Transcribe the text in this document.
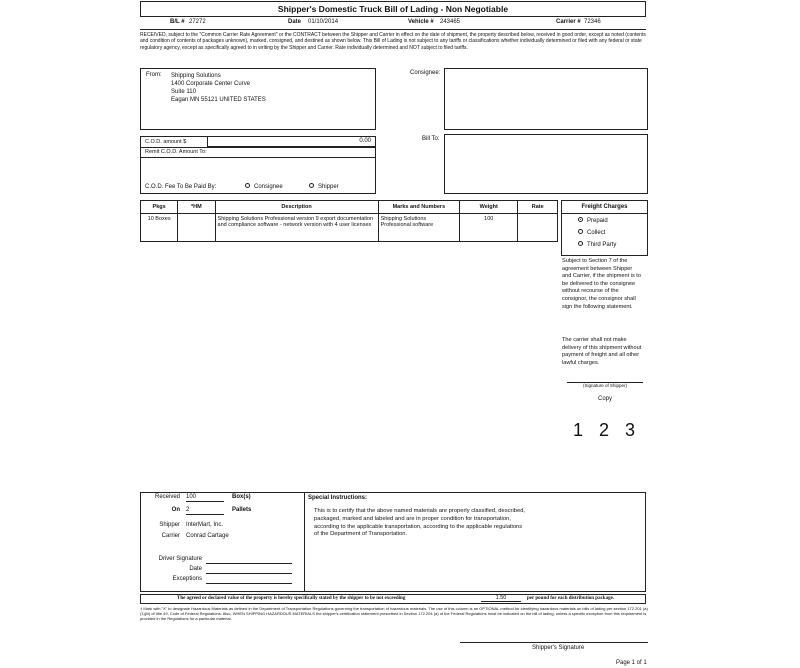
Shipper's Domestic Truck Bill of Lading - Non Negotiable
B/L # 27272	Date 01/10/2014	Vehicle # 243465	Carrier # 72346
RECEIVED, subject to the "Common Carrier Rate Agreement" or the CONTRACT between the Shipper and Carrier in effect on the date of shipment, the property described below, received in good order, except as noted (contents and condition of contents of packages unknown), marked, consigned, and destined as shown below. This Bill of Lading is not subject to any tariffs or classifications whether individually determined or filed with any federal or state regulatory agency, except as specifically agreed to in writing by the Shipper and Carrier. Rate individually determined and NOT subject to filed tariffs.
From: Shipping Solutions
1400 Corporate Center Curve
Suite 110
Eagan MN 55121 UNITED STATES
Consignee:
C.O.D. amount $	0.00
Remit C.O.D. Amount To:
C.O.D. Fee To Be Paid By:	Consignee	Shipper
Bill To:
Pkgs	*HM	Description	Marks and Numbers	Weight	Rate
10 Boxes		Shipping Solutions Professional version 9 export documentation and compliance software - network version with 4 user licenses	Shipping Solutions Professional software	100	
Freight Charges
Prepaid
Collect
Third Party
Subject to Section 7 of the agreement between Shipper and Carrier, if the shipment is to be delivered to the consignee without recourse of the consignor, the consignor shall sign the following statement.
The carrier shall not make delivery of this shipment without payment of freight and all other lawful charges.
(Signature of Shipper)
Copy
1  2  3
Received 100	Box(s)
On 2	Pallets
Shipper InterMart, Inc.
Carrier Conrad Cartage
Driver Signature
Date
Exceptions
Special Instructions:
This is to certify that the above named materials are properly classified, described, packaged, marked and labeled and are in proper condition for transportation, according to the applicable transportation, according to the applicable regulations of the Department of Transportation.
The agreed or declared value of the property is hereby specifically stated by the shipper to be not exceeding	1.50	per pound for each distribution package.
† Mark with "X" to designate Hazardous Materials as defined in the Department of Transportation Regulations governing the transportation of hazardous materials. The use of this column is an OPTIONAL method for identifying hazardous materials on bills of lading per section 172.201 (a) (1)(iii) of title 49, Code of Federal Regulations. Also, WHEN SHIPPING HAZARDOUS MATERIALS the shipper's certification statement prescribed in Section 172.204 (a) of the Federal Regulations must be indicated on the bill of lading, unless a specific exception from this requirement is provided in the Regulations for a particular material.
Shipper's Signature
Page 1 of 1
